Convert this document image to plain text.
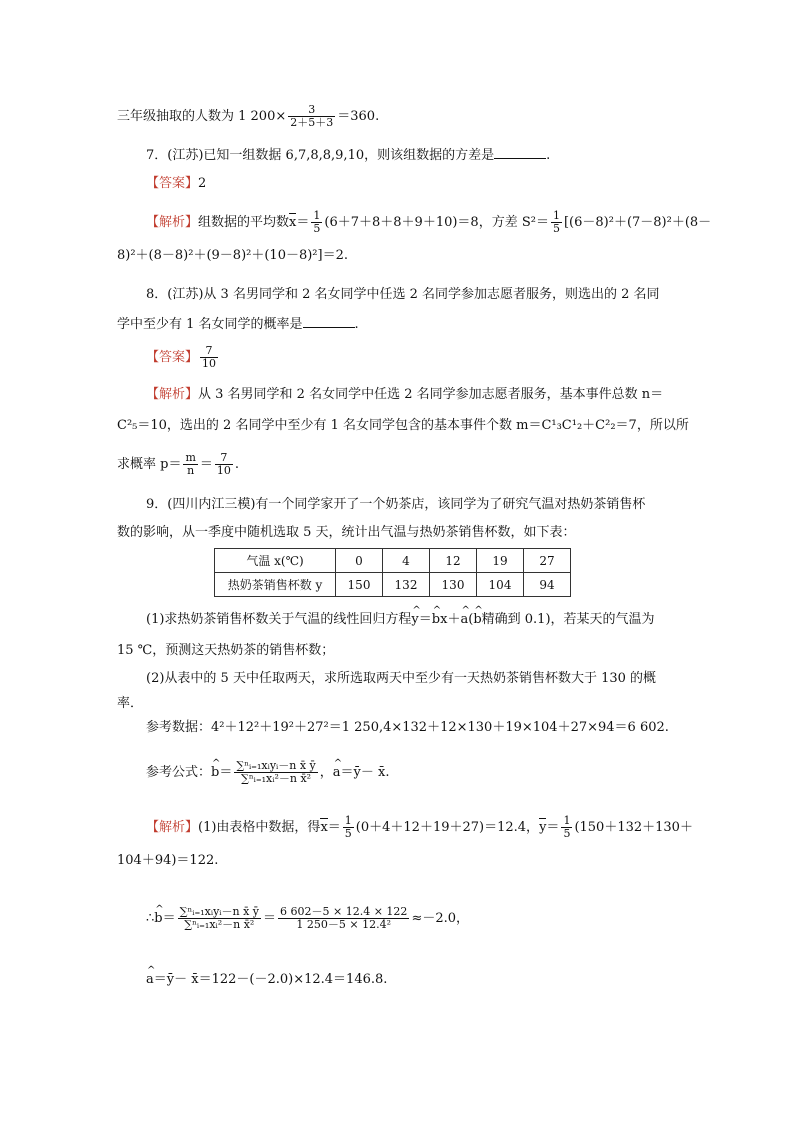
三年级抽取的人数为 1 $200\times \frac{3}{2+5+3} =360$.
7．(江苏)已知一组数据 6,7,8,8,9,10，则该组数据的方差是	.
【答案】2
【解析】组数据的平均数$x= \frac{1}{5} (6+7+8+8+9+10)=8$，方差 $S^2= \frac{1}{5} [(6-8)^2+(7-8)^2+(8-$
8)²＋(8－8)²＋(9－8)²＋(10－8)²]＝2.
8．(江苏)从 3 名男同学和 2 名女同学中任选 2 名同学参加志愿者服务，则选出的 2 名同
学中至少有 1 名女同学的概率是	.
【答案】 $\frac{7}{10}$
【解析】从 3 名男同学和 2 名女同学中任选 2 名同学参加志愿者服务，基本事件总数 n＝
C²₅＝10，选出的 2 名同学中至少有 1 名女同学包含的基本事件个数 m＝C¹₃C¹₂＋C²₂＝7，所以所
求概率 $p= \frac{m}{n} = \frac{7}{10}$ .
9．(四川内江三模)有一个同学家开了一个奶茶店，该同学为了研究气温对热奶茶销售杯
数的影响，从一季度中随机选取 5 天，统计出气温与热奶茶销售杯数，如下表：
气温 x(℃)	0	4	12	19	27
热奶茶销售杯数 y	150	132	130	104	94
(1)求热奶茶销售杯数关于气温的线性回归方程^ y＝^ bx＋^ a(^ b精确到 0.1)，若某天的气温为
15 ℃，预测这天热奶茶的销售杯数；
(2)从表中的 5 天中任取两天，求所选取两天中至少有一天热奶茶销售杯数大于 130 的概
率．
参考数据：4²＋12²＋19²＋27²＝1 250,4×132＋12×130＋19×104＋27×94＝6 602.
参考公式：^ $b= \frac{\text{∑ⁿᵢ₌₁xᵢyᵢ－n x̄ ȳ}}{\text{∑ⁿᵢ₌₁xᵢ²－n x̄²}}$ ，^ a＝ȳ－ x̄.
【解析】(1)由表格中数据，得$x= \frac{1}{5} (0+4+12+19+27)=12.4$，$y= \frac{1}{5} (150+132+130+$
104＋94)＝122.
∴^ $b= \frac{\text{∑ⁿᵢ₌₁xᵢyᵢ－n x̄ ȳ}}{\text{∑ⁿᵢ₌₁xᵢ²－n x̄²}} = \frac{6 602-5 \times 12.4 \times 122}{\text{1 250－5 × 12.4²}} \approx-2.0$，
^ a＝ȳ－ x̄＝122－(－2.0)×12.4＝146.8.
